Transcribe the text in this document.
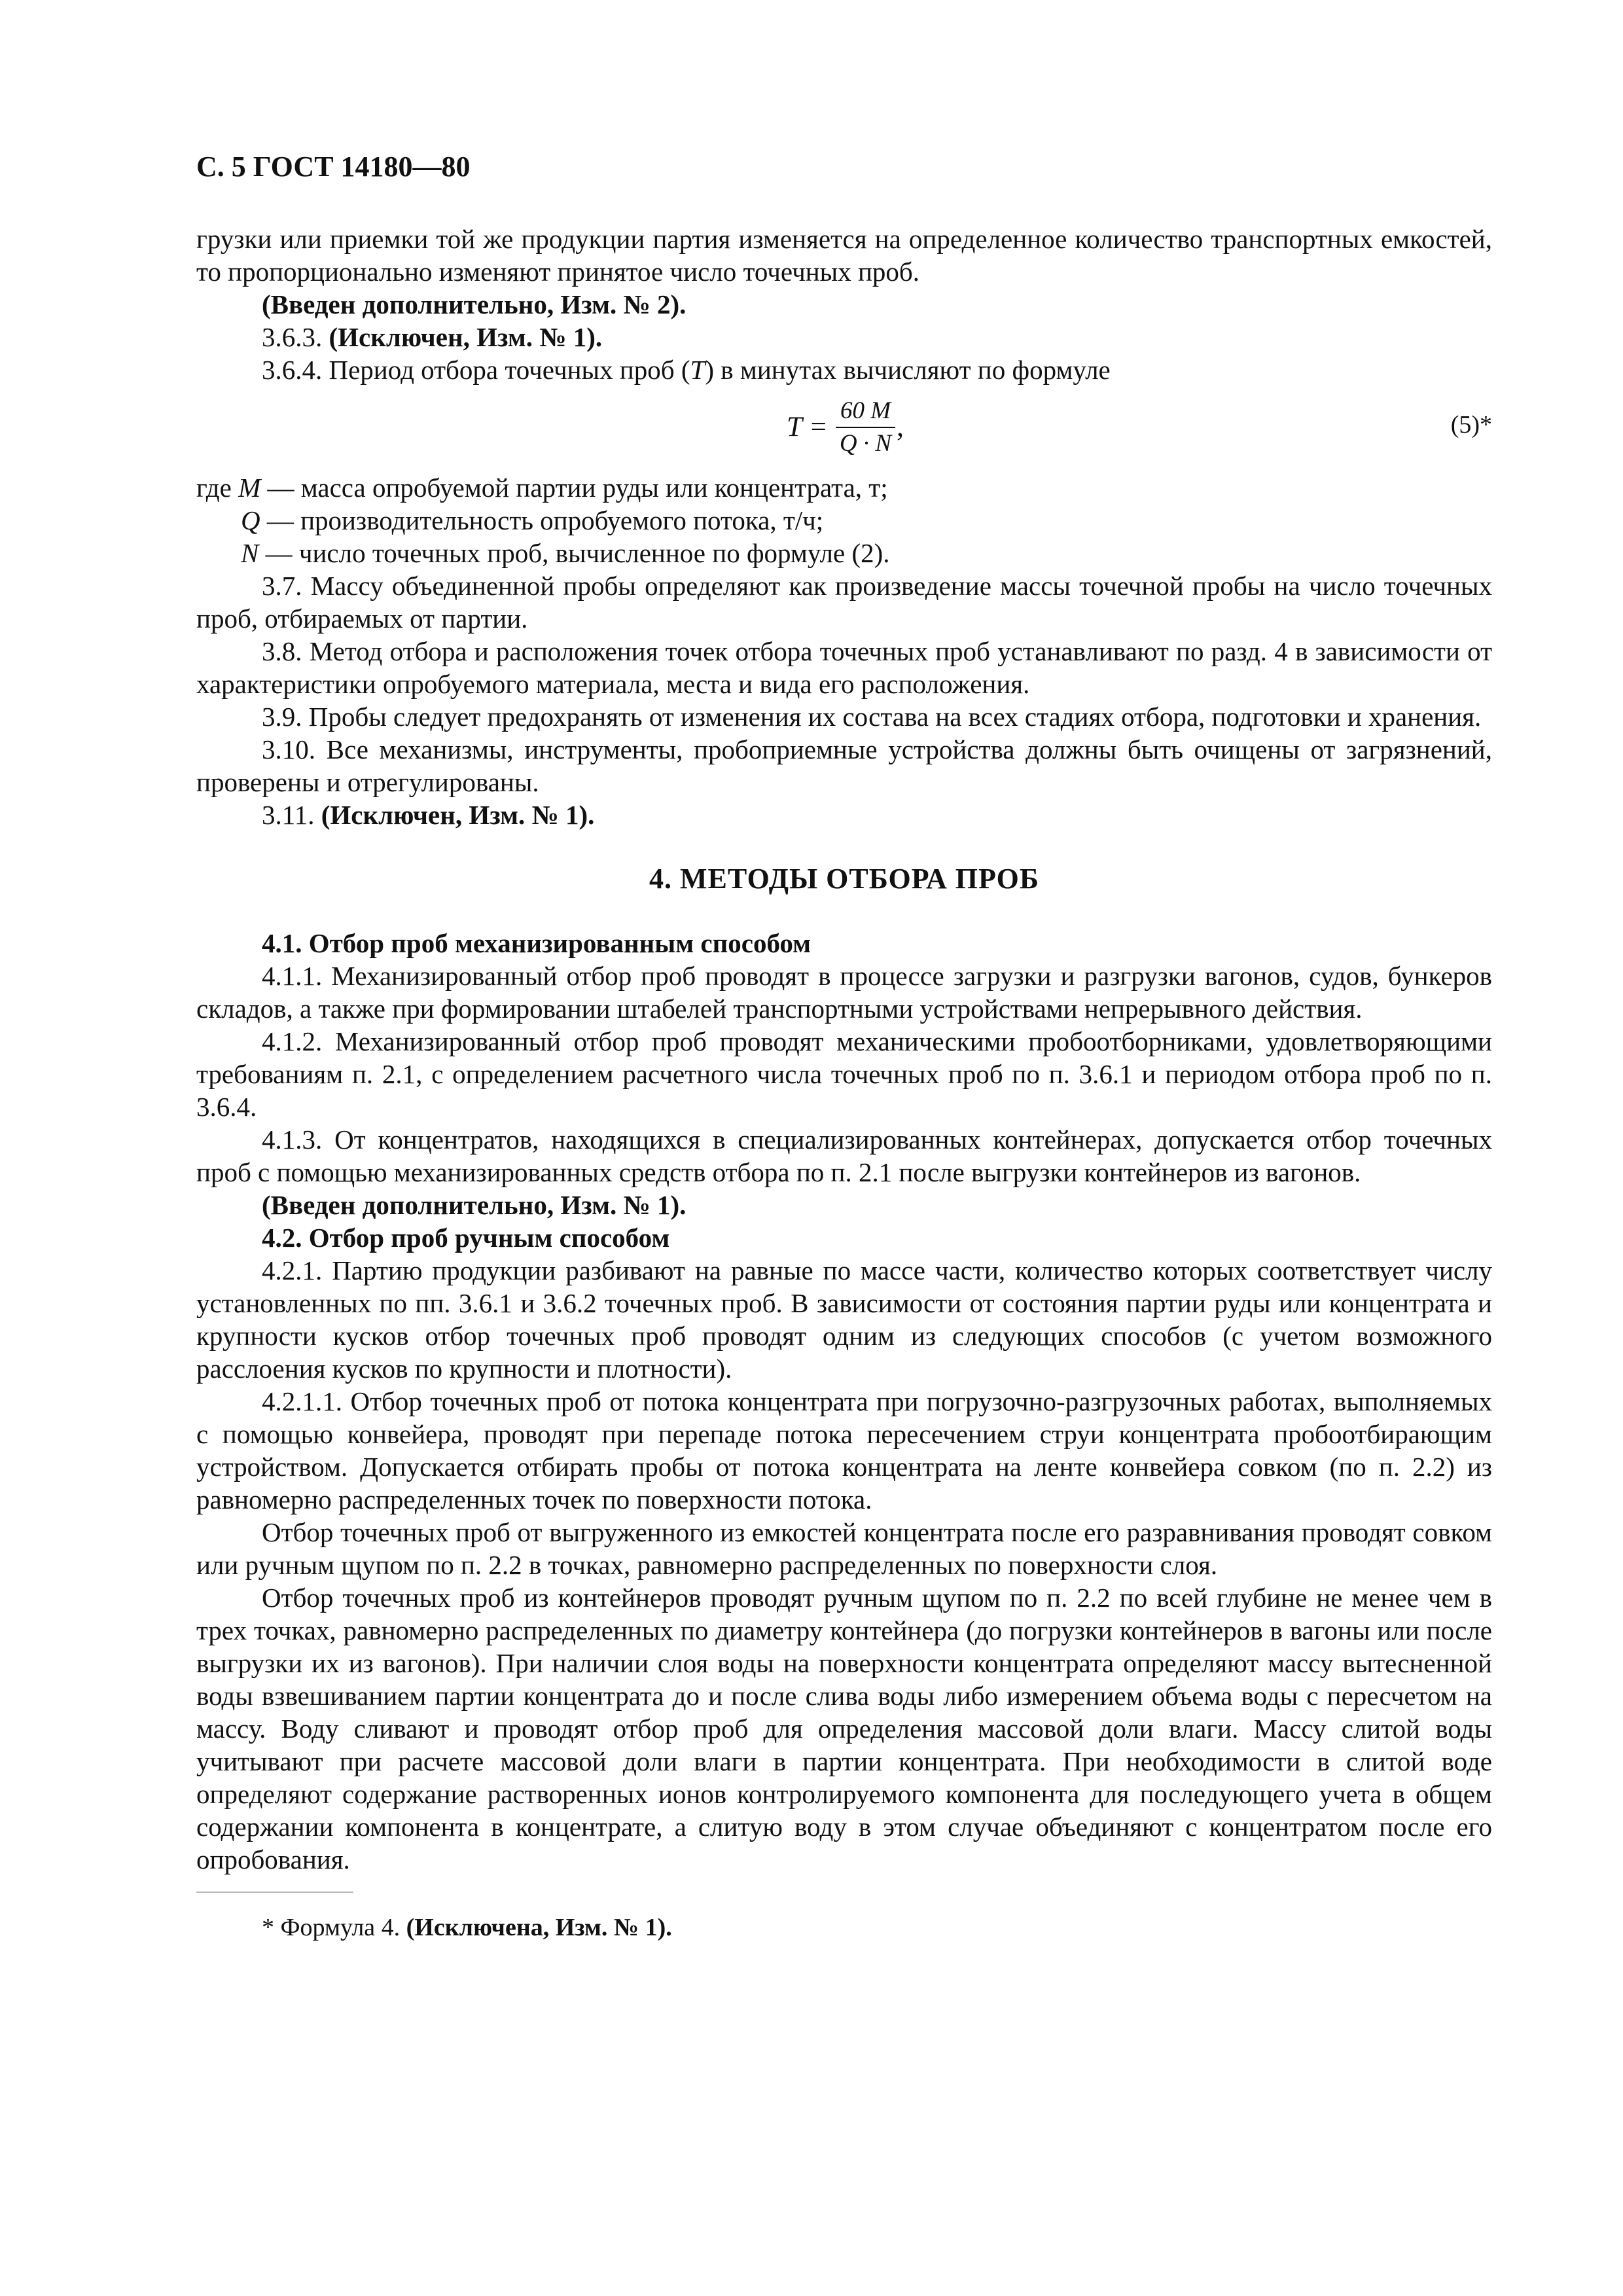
С. 5 ГОСТ 14180—80

грузки или приемки той же продукции партия изменяется на определенное количество транспортных емкостей, то пропорционально изменяют принятое число точечных проб.

(Введен дополнительно, Изм. № 2).

3.6.3. (Исключен, Изм. № 1).

3.6.4. Период отбора точечных проб (T) в минутах вычисляют по формуле

$T = \frac{60 M}{Q \cdot N}$ ,	(5)*

где M — масса опробуемой партии руды или концентрата, т;

Q — производительность опробуемого потока, т/ч;

N — число точечных проб, вычисленное по формуле (2).

3.7. Массу объединенной пробы определяют как произведение массы точечной пробы на число точечных проб, отбираемых от партии.

3.8. Метод отбора и расположения точек отбора точечных проб устанавливают по разд. 4 в зависимости от характеристики опробуемого материала, места и вида его расположения.

3.9. Пробы следует предохранять от изменения их состава на всех стадиях отбора, подготовки и хранения.

3.10. Все механизмы, инструменты, пробоприемные устройства должны быть очищены от загрязнений, проверены и отрегулированы.

3.11. (Исключен, Изм. № 1).

4. МЕТОДЫ ОТБОРА ПРОБ

4.1. Отбор проб механизированным способом

4.1.1. Механизированный отбор проб проводят в процессе загрузки и разгрузки вагонов, судов, бункеров складов, а также при формировании штабелей транспортными устройствами непрерывного действия.

4.1.2. Механизированный отбор проб проводят механическими пробоотборниками, удовлетворяющими требованиям п. 2.1, с определением расчетного числа точечных проб по п. 3.6.1 и периодом отбора проб по п. 3.6.4.

4.1.3. От концентратов, находящихся в специализированных контейнерах, допускается отбор точечных проб с помощью механизированных средств отбора по п. 2.1 после выгрузки контейнеров из вагонов.

(Введен дополнительно, Изм. № 1).

4.2. Отбор проб ручным способом

4.2.1. Партию продукции разбивают на равные по массе части, количество которых соответствует числу установленных по пп. 3.6.1 и 3.6.2 точечных проб. В зависимости от состояния партии руды или концентрата и крупности кусков отбор точечных проб проводят одним из следующих способов (с учетом возможного расслоения кусков по крупности и плотности).

4.2.1.1. Отбор точечных проб от потока концентрата при погрузочно-разгрузочных работах, выполняемых с помощью конвейера, проводят при перепаде потока пересечением струи концентрата пробоотбирающим устройством. Допускается отбирать пробы от потока концентрата на ленте конвейера совком (по п. 2.2) из равномерно распределенных точек по поверхности потока.

Отбор точечных проб от выгруженного из емкостей концентрата после его разравнивания проводят совком или ручным щупом по п. 2.2 в точках, равномерно распределенных по поверхности слоя.

Отбор точечных проб из контейнеров проводят ручным щупом по п. 2.2 по всей глубине не менее чем в трех точках, равномерно распределенных по диаметру контейнера (до погрузки контейнеров в вагоны или после выгрузки их из вагонов). При наличии слоя воды на поверхности концентрата определяют массу вытесненной воды взвешиванием партии концентрата до и после слива воды либо измерением объема воды с пересчетом на массу. Воду сливают и проводят отбор проб для определения массовой доли влаги. Массу слитой воды учитывают при расчете массовой доли влаги в партии концентрата. При необходимости в слитой воде определяют содержание растворенных ионов контролируемого компонента для последующего учета в общем содержании компонента в концентрате, а слитую воду в этом случае объединяют с концентратом после его опробования.

* Формула 4. (Исключена, Изм. № 1).
